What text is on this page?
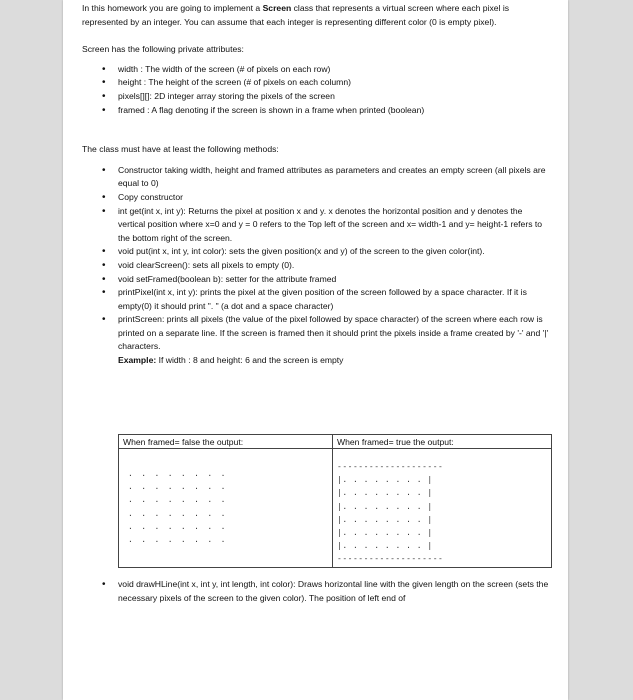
In this homework you are going to implement a Screen class that represents a virtual screen where each pixel is represented by an integer. You can assume that each integer is representing different color (0 is empty pixel).

Screen has the following private attributes:

• width : The width of the screen (# of pixels on each row)
• height : The height of the screen (# of pixels on each column)
• pixels[][]: 2D integer array storing the pixels of the screen
• framed : A flag denoting if the screen is shown in a frame when printed (boolean)

The class must have at least the following methods:

• Constructor taking width, height and framed attributes as parameters and creates an empty screen (all pixels are equal to 0)
• Copy constructor
• int get(int x, int y): Returns the pixel at position x and y. x denotes the horizontal position and y denotes the vertical position where x=0 and y = 0 refers to the Top left of the screen and x= width-1 and y= height-1 refers to the bottom right of the screen.
• void put(int x, int y, int color): sets the given position(x and y) of the screen to the given color(int).
• void clearScreen(): sets all pixels to empty (0).
• void setFramed(boolean b): setter for the attribute framed
• printPixel(int x, int y): prints the pixel at the given position of the screen followed by a space character. If it is empty(0) it should print ". " (a dot and a space character)
• printScreen: prints all pixels (the value of the pixel followed by space character) of the screen where each row is printed on a separate line. If the screen is framed then it should print the pixels inside a frame created by '-' and '|' characters.
Example: If width : 8 and height: 6 and the screen is empty
When framed= false the output:
. . . . . . . .
. . . . . . . .
. . . . . . . .
. . . . . . . .
. . . . . . . .
. . . . . . . .
When framed= true the output:
--------------------
|. . . . . . . . |
|. . . . . . . . |
|. . . . . . . . |
|. . . . . . . . |
|. . . . . . . . |
|. . . . . . . . |
--------------------
• void drawHLine(int x, int y, int length, int color): Draws horizontal line with the given length on the screen (sets the necessary pixels of the screen to the given color). The position of left end of
